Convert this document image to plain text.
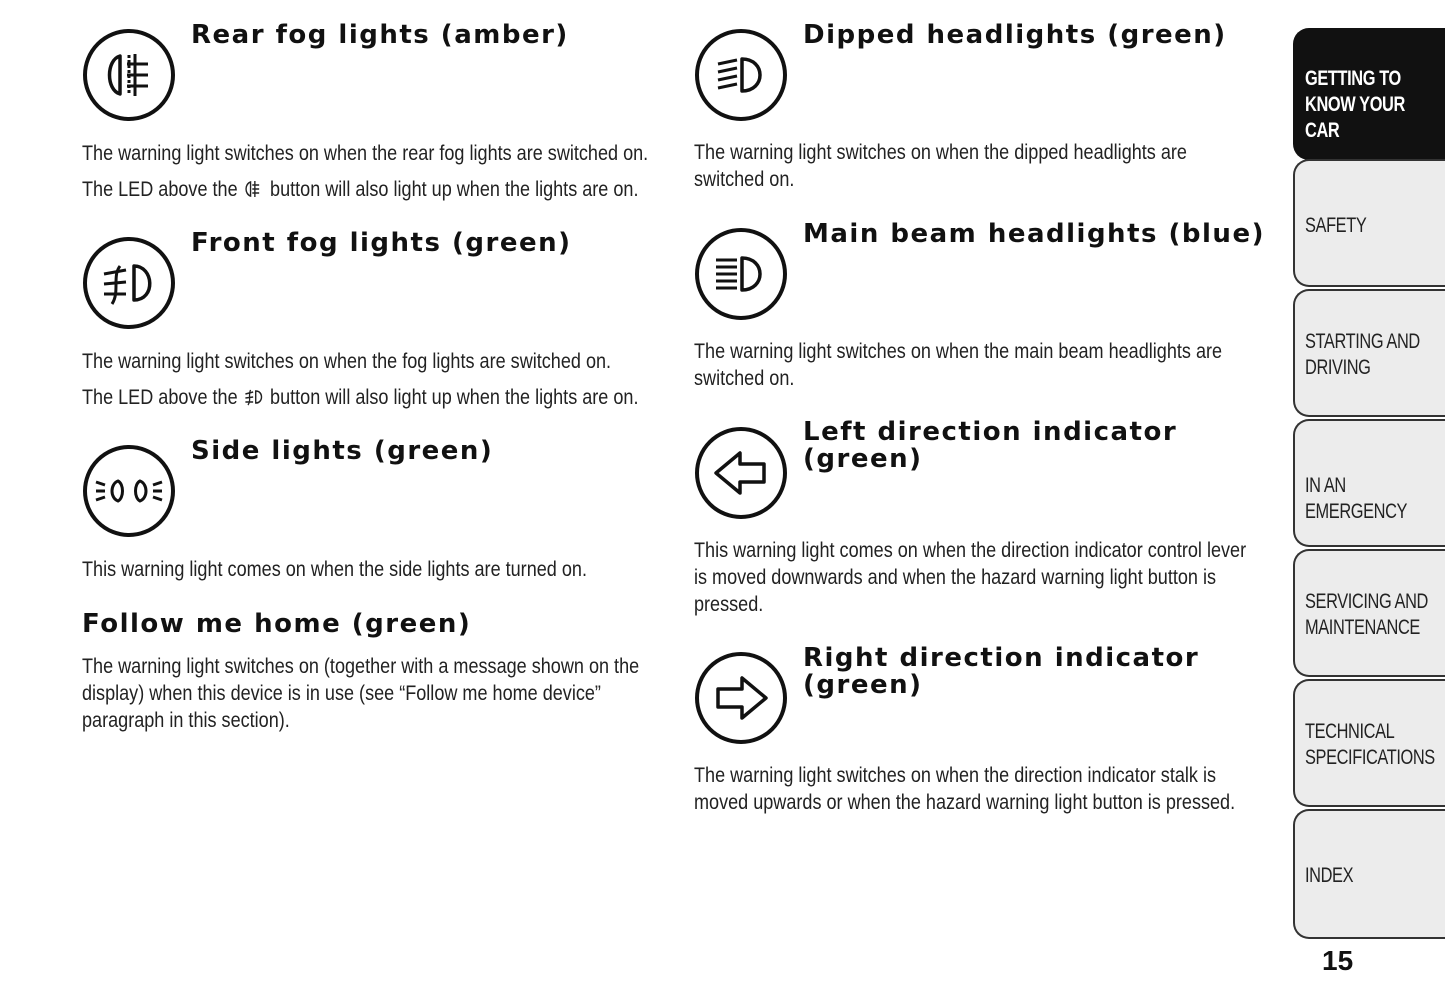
Rear fog lights (amber)

The warning light switches on when the rear fog lights are switched on.
The LED above the  button will also light up when the lights are on.

Front fog lights (green)

The warning light switches on when the fog lights are switched on.
The LED above the  button will also light up when the lights are on.

Side lights (green)

This warning light comes on when the side lights are turned on.

Follow me home (green)

The warning light switches on (together with a message shown on the display) when this device is in use (see “Follow me home device” paragraph in this section).

Dipped headlights (green)

The warning light switches on when the dipped headlights are switched on.

Main beam headlights (blue)

The warning light switches on when the main beam headlights are switched on.

Left direction indicator (green)

This warning light comes on when the direction indicator control lever is moved downwards and when the hazard warning light button is pressed.

Right direction indicator (green)

The warning light switches on when the direction indicator stalk is moved upwards or when the hazard warning light button is pressed.

GETTING TO
KNOW YOUR CAR
SAFETY
STARTING AND
DRIVING
IN AN EMERGENCY
SERVICING AND
MAINTENANCE
TECHNICAL
SPECIFICATIONS
INDEX
15
